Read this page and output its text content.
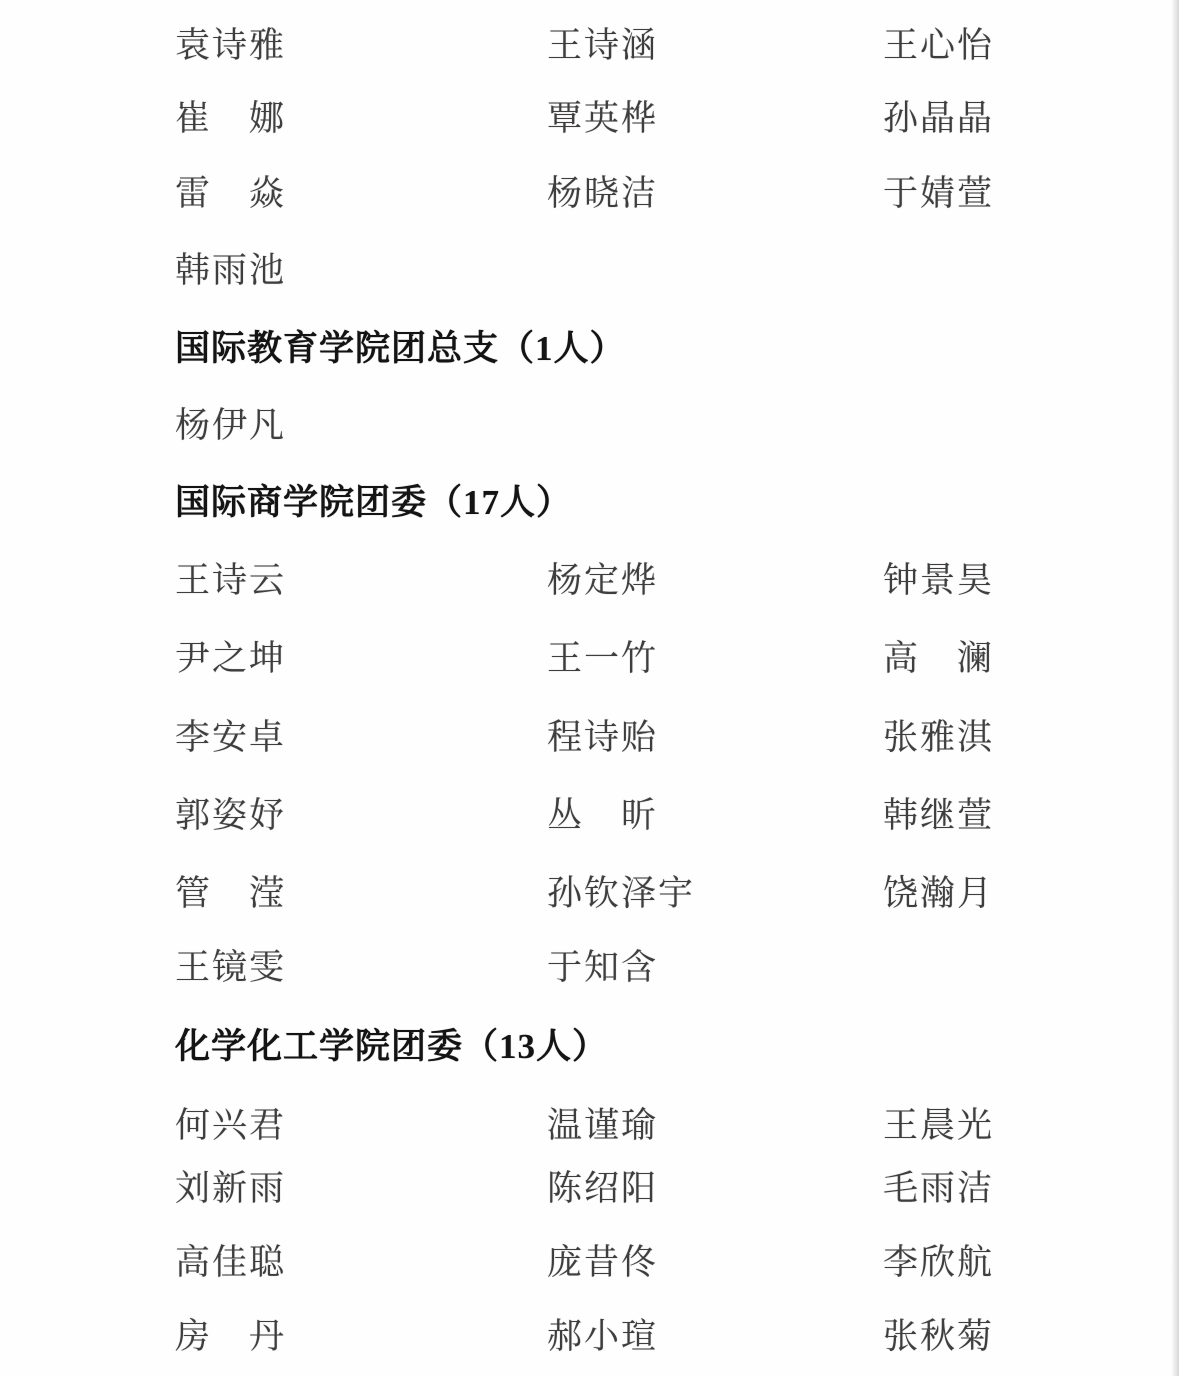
袁诗雅	王诗涵	王心怡
崔　娜	覃英桦	孙晶晶
雷　焱	杨晓洁	于婧萱
韩雨池
国际教育学院团总支（1人）
杨伊凡
国际商学院团委（17人）
王诗云	杨定烨	钟景昊
尹之坤	王一竹	高　澜
李安卓	程诗贻	张雅淇
郭姿妤	丛　昕	韩继萱
管　滢	孙钦泽宇	饶瀚月
王镜雯	于知含
化学化工学院团委（13人）
何兴君	温谨瑜	王晨光
刘新雨	陈绍阳	毛雨洁
高佳聪	庞昔佟	李欣航
房　丹	郝小瑄	张秋菊
